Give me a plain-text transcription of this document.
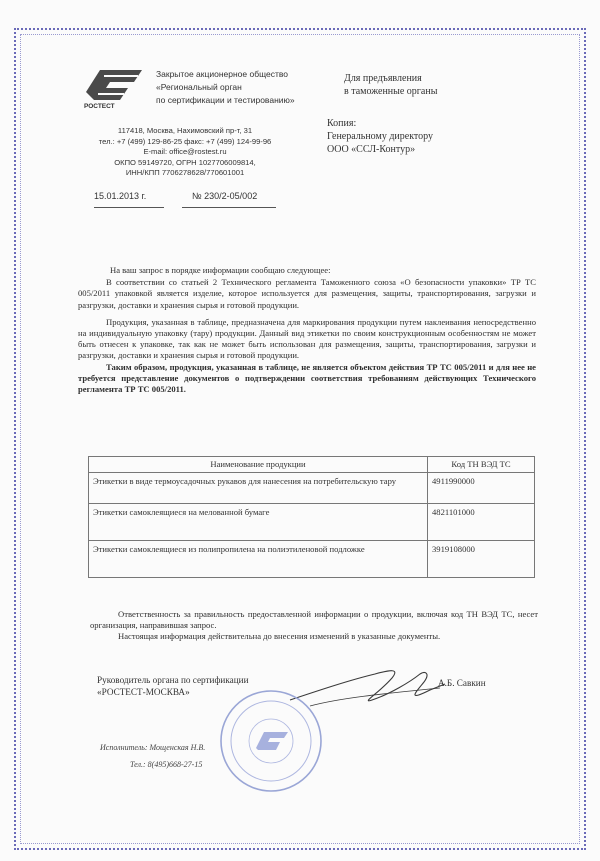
РОСТЕСТ
Закрытое акционерное общество
«Региональный орган
по сертификации и тестированию»
117418, Москва, Нахимовский пр-т, 31
тел.: +7 (499) 129-86-25 факс: +7 (499) 124-99-96
E-mail: office@rostest.ru
ОКПО 59149720, ОГРН 1027706009814,
ИНН/КПП 7706278628/770601001
Для предъявления
в таможенные органы
Копия:
Генеральному директору
ООО «ССЛ-Контур»
15.01.2013 г.	№ 230/2-05/002

На ваш запрос в порядке информации сообщаю следующее:

В соответствии со статьей 2 Технического регламента Таможенного союза «О безопасности упаковки» ТР ТС 005/2011 упаковкой является изделие, которое используется для размещения, защиты, транспортирования, загрузки и разгрузки, доставки и хранения сырья и готовой продукции.

Продукция, указанная в таблице, предназначена для маркирования продукции путем наклеивания непосредственно на индивидуальную упаковку (тару) продукции. Данный вид этикетки по своим конструкционным особенностям не может быть отнесен к упаковке, так как не может быть использован для размещения, защиты, транспортирования, загрузки и разгрузки, доставки и хранения сырья и готовой продукции.

Таким образом, продукция, указанная в таблице, не является объектом действия ТР ТС 005/2011 и для нее не требуется представление документов о подтверждении соответствия требованиям действующих Технического регламента ТР ТС 005/2011.

Наименование продукции	Код ТН ВЭД ТС
Этикетки в виде термоусадочных рукавов для нанесения на потребительскую тару	4911990000
Этикетки самоклеящиеся на мелованной бумаге	4821101000
Этикетки самоклеящиеся из полипропилена на полиэтиленовой подложке	3919108000

Ответственность за правильность предоставленной информации о продукции, включая код ТН ВЭД ТС, несет организация, направившая запрос.

Настоящая информация действительна до внесения изменений в указанные документы.

Руководитель органа по сертификации
«РОСТЕСТ-МОСКВА»
А.Б. Савкин
Исполнитель: Мощенская Н.В.
Тел.: 8(495)668-27-15
